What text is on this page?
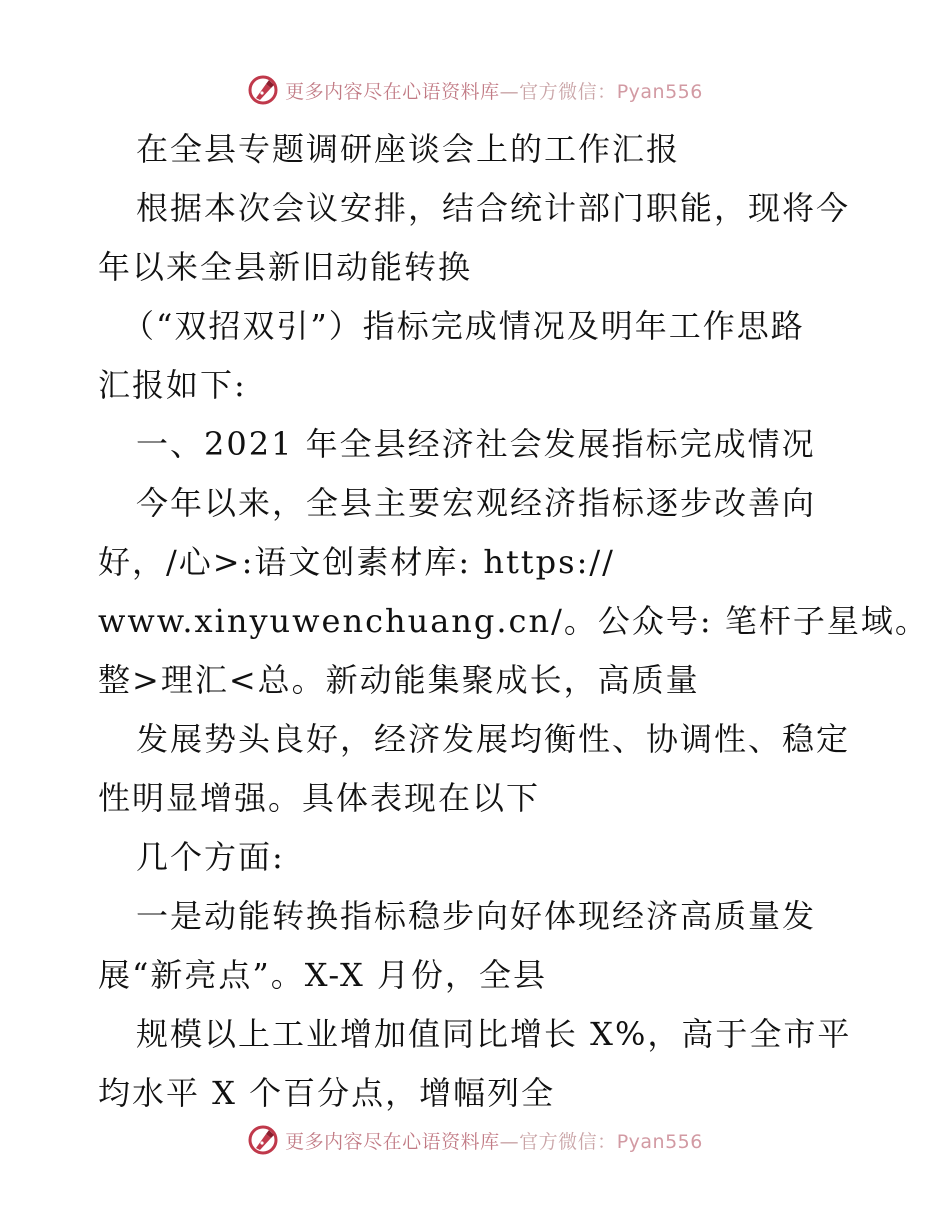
更多内容尽在心语资料库—官方微信：Pyan556
在全县专题调研座谈会上的工作汇报
根据本次会议安排，结合统计部门职能，现将今
年以来全县新旧动能转换
（“双招双引”）指标完成情况及明年工作思路
汇报如下:
一、2021 年全县经济社会发展指标完成情况
今年以来，全县主要宏观经济指标逐步改善向
好，/心>:语文创素材库: https://
www.xinyuwenchuang.cn/。公众号: 笔杆子星域。
整>理汇<总。新动能集聚成长，高质量
发展势头良好，经济发展均衡性、协调性、稳定
性明显增强。具体表现在以下
几个方面:
一是动能转换指标稳步向好体现经济高质量发
展“新亮点”。X-X 月份，全县
规模以上工业增加值同比增长 X%，高于全市平
均水平 X 个百分点，增幅列全
更多内容尽在心语资料库—官方微信：Pyan556
